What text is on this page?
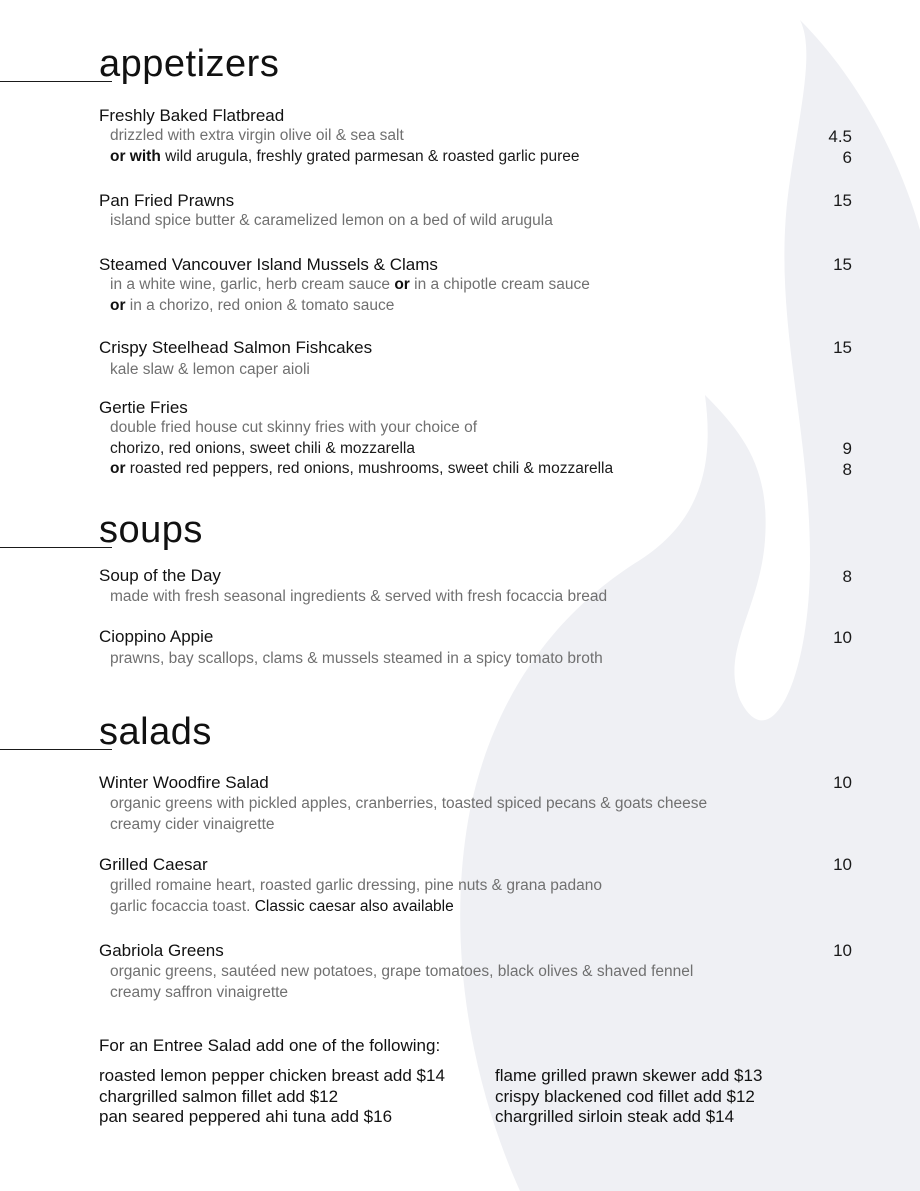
appetizers
Freshly Baked Flatbread
drizzled with extra virgin olive oil & sea salt
or with wild arugula, freshly grated parmesan & roasted garlic puree
4.5
6
Pan Fried Prawns
island spice butter & caramelized lemon on a bed of wild arugula
15
Steamed Vancouver Island Mussels & Clams
in a white wine, garlic, herb cream sauce or in a chipotle cream sauce
or in a chorizo, red onion & tomato sauce
15
Crispy Steelhead Salmon Fishcakes
kale slaw & lemon caper aioli
15
Gertie Fries
double fried house cut skinny fries with your choice of
chorizo, red onions, sweet chili & mozzarella
or roasted red peppers, red onions, mushrooms, sweet chili & mozzarella
9
8
soups
Soup of the Day
made with fresh seasonal ingredients & served with fresh focaccia bread
8
Cioppino Appie
prawns, bay scallops, clams & mussels steamed in a spicy tomato broth
10
salads
Winter Woodfire Salad
organic greens with pickled apples, cranberries, toasted spiced pecans & goats cheese
creamy cider vinaigrette
10
Grilled Caesar
grilled romaine heart, roasted garlic dressing, pine nuts & grana padano
garlic focaccia toast. Classic caesar also available
10
Gabriola Greens
organic greens, sautéed new potatoes, grape tomatoes, black olives & shaved fennel
creamy saffron vinaigrette
10
For an Entree Salad add one of the following:
roasted lemon pepper chicken breast add $14
chargrilled salmon fillet add $12
pan seared peppered ahi tuna add $16
flame grilled prawn skewer add $13
crispy blackened cod fillet add $12
chargrilled sirloin steak add $14
